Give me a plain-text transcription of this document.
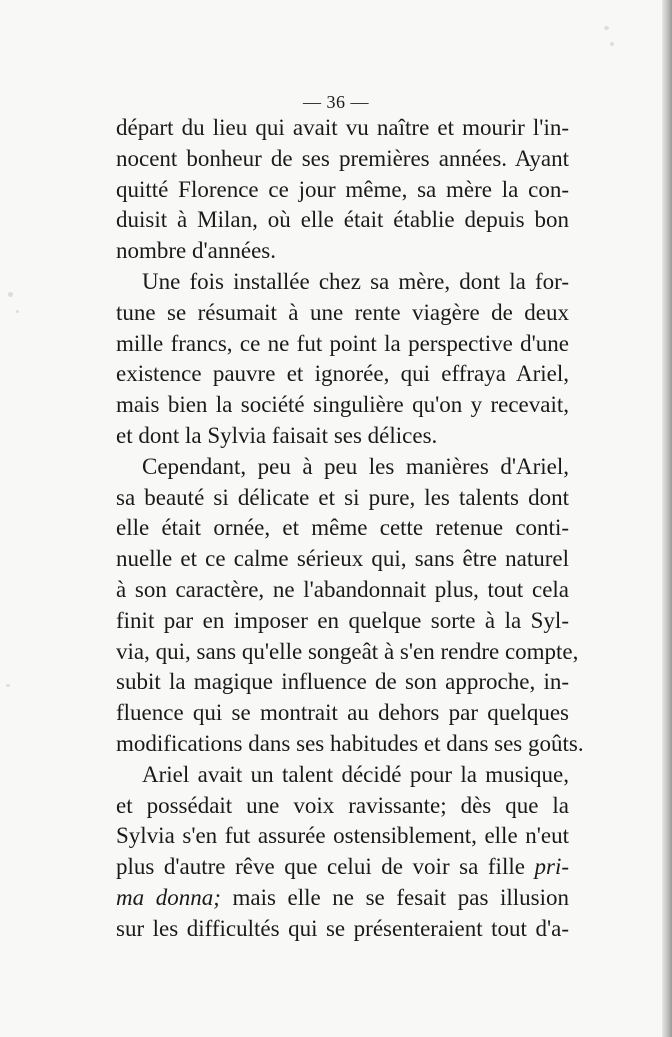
— 36 —
départ du lieu qui avait vu naître et mourir l'in-
nocent bonheur de ses premières années. Ayant
quitté Florence ce jour même, sa mère la con-
duisit à Milan, où elle était établie depuis bon
nombre d'années.
Une fois installée chez sa mère, dont la for-
tune se résumait à une rente viagère de deux
mille francs, ce ne fut point la perspective d'une
existence pauvre et ignorée, qui effraya Ariel,
mais bien la société singulière qu'on y recevait,
et dont la Sylvia faisait ses délices.
Cependant, peu à peu les manières d'Ariel,
sa beauté si délicate et si pure, les talents dont
elle était ornée, et même cette retenue conti-
nuelle et ce calme sérieux qui, sans être naturel
à son caractère, ne l'abandonnait plus, tout cela
finit par en imposer en quelque sorte à la Syl-
via, qui, sans qu'elle songeât à s'en rendre compte,
subit la magique influence de son approche, in-
fluence qui se montrait au dehors par quelques
modifications dans ses habitudes et dans ses goûts.
Ariel avait un talent décidé pour la musique,
et possédait une voix ravissante; dès que la
Sylvia s'en fut assurée ostensiblement, elle n'eut
plus d'autre rêve que celui de voir sa fille pri-
ma donna; mais elle ne se fesait pas illusion
sur les difficultés qui se présenteraient tout d'a-
